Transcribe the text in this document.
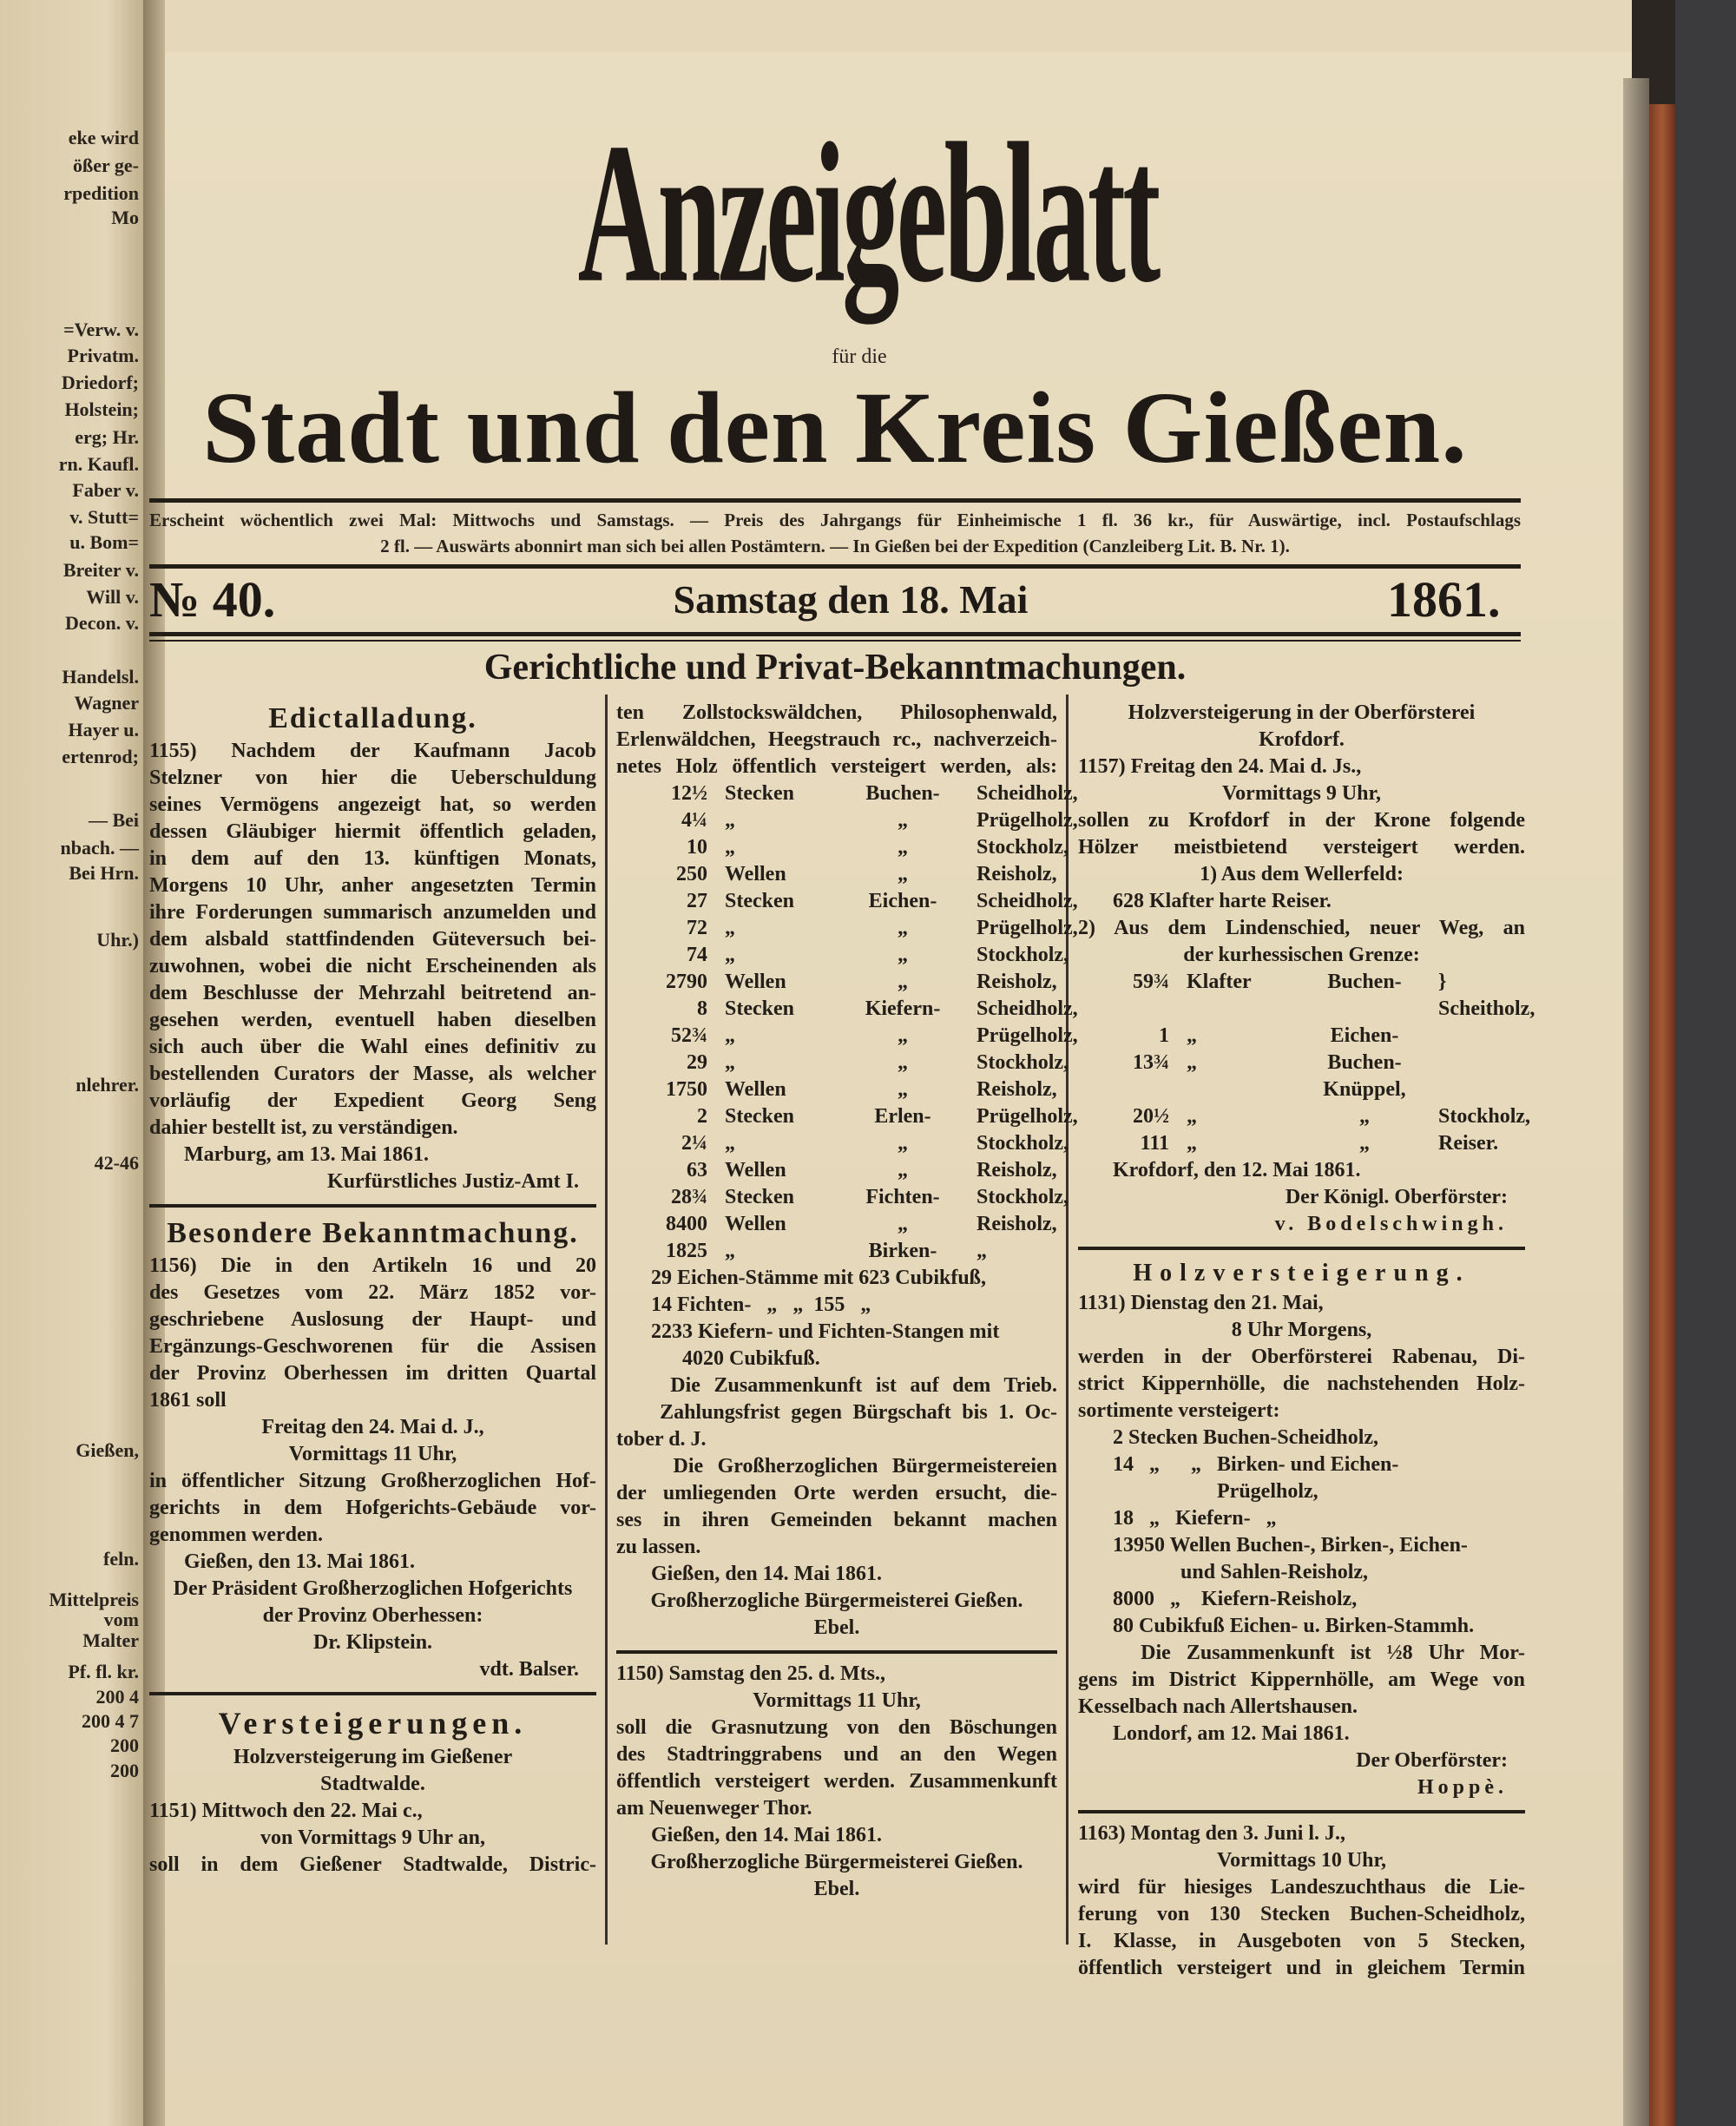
eke wird
ößer ge-
rpedition
Mo
=Verw. v.
Privatm.
Driedorf;
Holstein;
erg; Hr.
rn. Kaufl.
Faber v.
v. Stutt=
u. Bom=
Breiter v.
Will v.
Decon. v.
Handelsl.
Wagner
Hayer u.
ertenrod;
— Bei
nbach. —
Bei Hrn.
Uhr.)
nlehrer.
42-46
Gießen,
feln.
Mittelpreis
vom
Malter
Pf. fl. kr.
200 4
200 4 7
200
200
Anzeigeblatt
für die
Stadt und den Kreis Gießen.
Erscheint wöchentlich zwei Mal: Mittwochs und Samstags. — Preis des Jahrgangs für Einheimische 1 fl. 36 kr., für Auswärtige, incl. Postaufschlags
2 fl. — Auswärts abonnirt man sich bei allen Postämtern. — In Gießen bei der Expedition (Canzleiberg Lit. B. Nr. 1).
№ 40.	Samstag den 18. Mai	1861.
Gerichtliche und Privat-Bekanntmachungen.
Edictalladung.
1155) Nachdem der Kaufmann Jacob
Stelzner von hier die Ueberschuldung
seines Vermögens angezeigt hat, so werden
dessen Gläubiger hiermit öffentlich geladen,
in dem auf den 13. künftigen Monats,
Morgens 10 Uhr, anher angesetzten Termin
ihre Forderungen summarisch anzumelden und
dem alsbald stattfindenden Güteversuch bei-
zuwohnen, wobei die nicht Erscheinenden als
dem Beschlusse der Mehrzahl beitretend an-
gesehen werden, eventuell haben dieselben
sich auch über die Wahl eines definitiv zu
bestellenden Curators der Masse, als welcher
vorläufig der Expedient Georg Seng
dahier bestellt ist, zu verständigen.
Marburg, am 13. Mai 1861.
Kurfürstliches Justiz-Amt I.
Besondere Bekanntmachung.
1156) Die in den Artikeln 16 und 20
des Gesetzes vom 22. März 1852 vor-
geschriebene Auslosung der Haupt- und
Ergänzungs-Geschworenen für die Assisen
der Provinz Oberhessen im dritten Quartal
1861 soll
Freitag den 24. Mai d. J.,
Vormittags 11 Uhr,
in öffentlicher Sitzung Großherzoglichen Hof-
gerichts in dem Hofgerichts-Gebäude vor-
genommen werden.
Gießen, den 13. Mai 1861.
Der Präsident Großherzoglichen Hofgerichts
der Provinz Oberhessen:
Dr. Klipstein.
vdt. Balser.
Versteigerungen.
Holzversteigerung im Gießener
Stadtwalde.
1151) Mittwoch den 22. Mai c.,
von Vormittags 9 Uhr an,
soll in dem Gießener Stadtwalde, Distric-

ten Zollstockswäldchen, Philosophenwald,
Erlenwäldchen, Heegstrauch rc., nachverzeich-
netes Holz öffentlich versteigert werden, als:
12½ Stecken	Buchen-	Scheidholz,
4¼ „	„	Prügelholz,
10 „	„	Stockholz,
250 Wellen	„	Reisholz,
27 Stecken	Eichen-	Scheidholz,
72 „	„	Prügelholz,
74 „	„	Stockholz,
2790 Wellen	„	Reisholz,
8 Stecken	Kiefern-	Scheidholz,
52¾ „	„	Prügelholz,
29 „	„	Stockholz,
1750 Wellen	„	Reisholz,
2 Stecken	Erlen-	Prügelholz,
2¼ „	„	Stockholz,
63 Wellen	„	Reisholz,
28¾ Stecken	Fichten-	Stockholz,
8400 Wellen	„	Reisholz,
1825 „	Birken-	„
29 Eichen-Stämme mit 623 Cubikfuß,
14 Fichten-   „   „  155   „
2233 Kiefern- und Fichten-Stangen mit
4020 Cubikfuß.
Die Zusammenkunft ist auf dem Trieb.
Zahlungsfrist gegen Bürgschaft bis 1. Oc-
tober d. J.
Die Großherzoglichen Bürgermeistereien
der umliegenden Orte werden ersucht, die-
ses in ihren Gemeinden bekannt machen
zu lassen.
Gießen, den 14. Mai 1861.
Großherzogliche Bürgermeisterei Gießen.
Ebel.
1150) Samstag den 25. d. Mts.,
Vormittags 11 Uhr,
soll die Grasnutzung von den Böschungen
des Stadtringgrabens und an den Wegen
öffentlich versteigert werden. Zusammenkunft
am Neuenweger Thor.
Gießen, den 14. Mai 1861.
Großherzogliche Bürgermeisterei Gießen.
Ebel.
Holzversteigerung in der Oberförsterei
Krofdorf.
1157) Freitag den 24. Mai d. Js.,
Vormittags 9 Uhr,
sollen zu Krofdorf in der Krone folgende
Hölzer meistbietend versteigert werden.
1) Aus dem Wellerfeld:
628 Klafter harte Reiser.
2) Aus dem Lindenschied, neuer Weg, an
der kurhessischen Grenze:
59¾ Klafter	Buchen-	} Scheitholz,
1 „	Eichen-
13¾ „	Buchen-Knüppel,
20½ „	„	Stockholz,
111 „	„	Reiser.
Krofdorf, den 12. Mai 1861.
Der Königl. Oberförster:
v. Bodelschwingh.
Holzversteigerung.
1131) Dienstag den 21. Mai,
8 Uhr Morgens,
werden in der Oberförsterei Rabenau, Di-
strict Kippernhölle, die nachstehenden Holz-
sortimente versteigert:
2 Stecken Buchen-Scheidholz,
14   „      „   Birken- und Eichen-
Prügelholz,
18   „   Kiefern-   „
13950 Wellen Buchen-, Birken-, Eichen-
und Sahlen-Reisholz,
8000   „    Kiefern-Reisholz,
80 Cubikfuß Eichen- u. Birken-Stammh.
Die Zusammenkunft ist ½8 Uhr Mor-
gens im District Kippernhölle, am Wege von
Kesselbach nach Allertshausen.
Londorf, am 12. Mai 1861.
Der Oberförster:
Hoppè.
1163) Montag den 3. Juni l. J.,
Vormittags 10 Uhr,
wird für hiesiges Landeszuchthaus die Lie-
ferung von 130 Stecken Buchen-Scheidholz,
I. Klasse, in Ausgeboten von 5 Stecken,
öffentlich versteigert und in gleichem Termin
